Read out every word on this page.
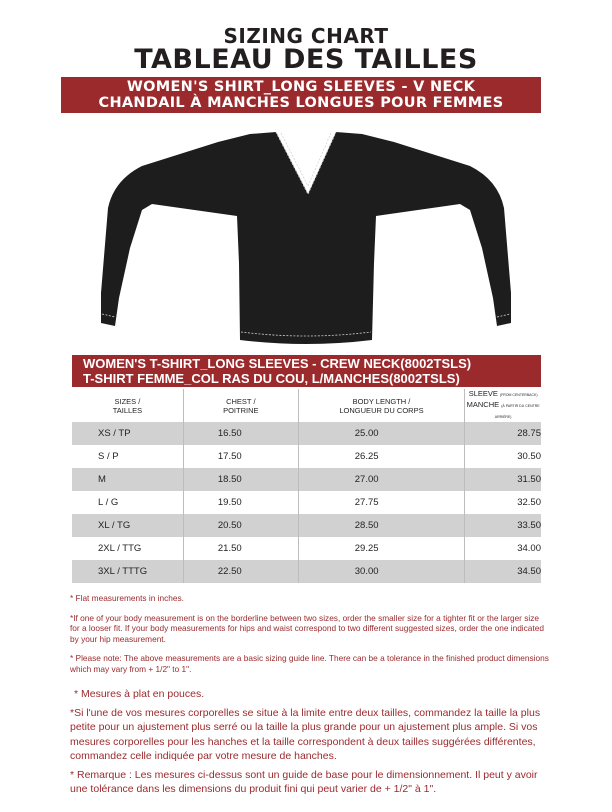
SIZING CHART
TABLEAU DES TAILLES
WOMEN'S SHIRT_LONG SLEEVES - V NECK
CHANDAIL À MANCHES LONGUES POUR FEMMES
WOMEN'S T-SHIRT_LONG SLEEVES - CREW NECK(8002TSLS)
T-SHIRT FEMME_COL RAS DU COU, L/MANCHES(8002TSLS)
SIZES /
TAILLES	CHEST /
POITRINE	BODY LENGTH /
LONGUEUR DU CORPS	SLEEVE (FROM CENTERBACK)
MANCHE (À PARTIR DU CENTRE ARRIÈRE)
XS / TP	16.50	25.00	28.75
S / P	17.50	26.25	30.50
M	18.50	27.00	31.50
L / G	19.50	27.75	32.50
XL / TG	20.50	28.50	33.50
2XL / TTG	21.50	29.25	34.00
3XL / TTTG	22.50	30.00	34.50

* Flat measurements in inches.

*If one of your body measurement is on the borderline between two sizes, order the smaller size for a tighter fit or the larger size for a looser fit. If your body measurements for hips and waist correspond to two different suggested sizes, order the one indicated by your hip measurement.

* Please note: The above measurements are a basic sizing guide line. There can be a tolerance in the finished product dimensions which may vary from + 1/2" to 1".

* Mesures à plat en pouces.

*Si l'une de vos mesures corporelles se situe à la limite entre deux tailles, commandez la taille la plus petite pour un ajustement plus serré ou la taille la plus grande pour un ajustement plus ample. Si vos mesures corporelles pour les hanches et la taille correspondent à deux tailles suggérées différentes, commandez celle indiquée par votre mesure de hanches.

* Remarque : Les mesures ci-dessus sont un guide de base pour le dimensionnement. Il peut y avoir une tolérance dans les dimensions du produit fini qui peut varier de + 1/2" à 1".
